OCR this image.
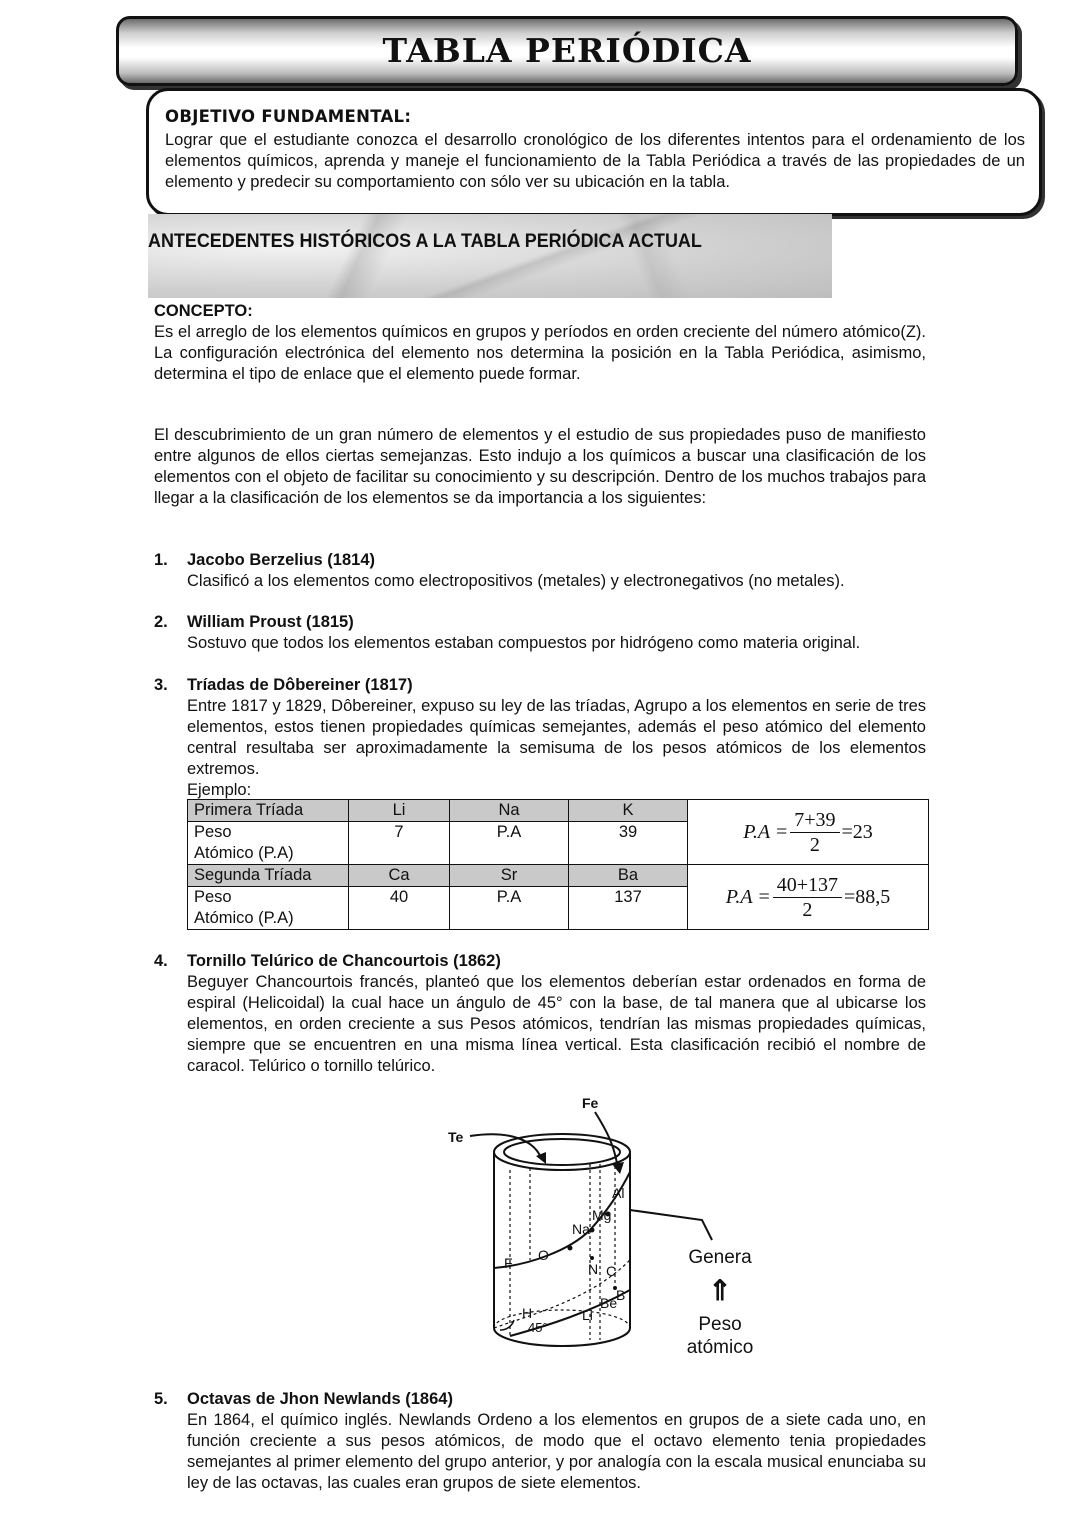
TABLA PERIÓDICA

OBJETIVO FUNDAMENTAL:

Lograr que el estudiante conozca el desarrollo cronológico de los diferentes intentos para el ordenamiento de los elementos químicos, aprenda y maneje el funcionamiento de la Tabla Periódica a través de las propiedades de un elemento y predecir su comportamiento con sólo ver su ubicación en la tabla.

ANTECEDENTES HISTÓRICOS A LA TABLA PERIÓDICA ACTUAL

CONCEPTO:

Es el arreglo de los elementos químicos en grupos y períodos en orden creciente del número atómico(Z). La configuración electrónica del elemento nos determina la posición en la Tabla Periódica, asimismo, determina el tipo de enlace que el elemento puede formar.

El descubrimiento de un gran número de elementos y el estudio de sus propiedades puso de manifiesto entre algunos de ellos ciertas semejanzas. Esto indujo a los químicos a buscar una clasificación de los elementos con el objeto de facilitar su conocimiento y su descripción. Dentro de los muchos trabajos para llegar a la clasificación de los elementos se da importancia a los siguientes:

1. Jacobo Berzelius (1814)
Clasificó a los elementos como electropositivos (metales) y electronegativos (no metales).
2. William Proust (1815)
Sostuvo que todos los elementos estaban compuestos por hidrógeno como materia original.
3. Tríadas de Dôbereiner (1817)
Entre 1817 y 1829, Dôbereiner, expuso su ley de las tríadas, Agrupo a los elementos en serie de tres elementos, estos tienen propiedades químicas semejantes, además el peso atómico del elemento central resultaba ser aproximadamente la semisuma de los pesos atómicos de los elementos extremos.
Ejemplo:
Primera Tríada	Li	Na	K	$P.A = \frac{7+39}{2} =23$

Peso
Atómico (P.A)	7	P.A	39	
Segunda Tríada	Ca	Sr	Ba	$P.A = \frac{40+137}{2} =88,5$

Peso
Atómico (P.A)	40	P.A	137	
4. Tornillo Telúrico de Chancourtois (1862)
Beguyer Chancourtois francés, planteó que los elementos deberían estar ordenados en forma de espiral (Helicoidal) la cual hace un ángulo de 45° con la base, de tal manera que al ubicarse los elementos, en orden creciente a sus Pesos atómicos, tendrían las mismas propiedades químicas, siempre que se encuentren en una misma línea vertical. Esta clasificación recibió el nombre de caracol. Telúrico o tornillo telúrico.
Te
Fe
Al
Mg
Na
O
F	N C
Be
B
H	Li
45°
Genera
⇑
Peso
atómico
5. Octavas de Jhon Newlands (1864)
En 1864, el químico inglés. Newlands Ordeno a los elementos en grupos de a siete cada uno, en función creciente a sus pesos atómicos, de modo que el octavo elemento tenia propiedades semejantes al primer elemento del grupo anterior, y por analogía con la escala musical enunciaba su ley de las octavas, las cuales eran grupos de siete elementos.
